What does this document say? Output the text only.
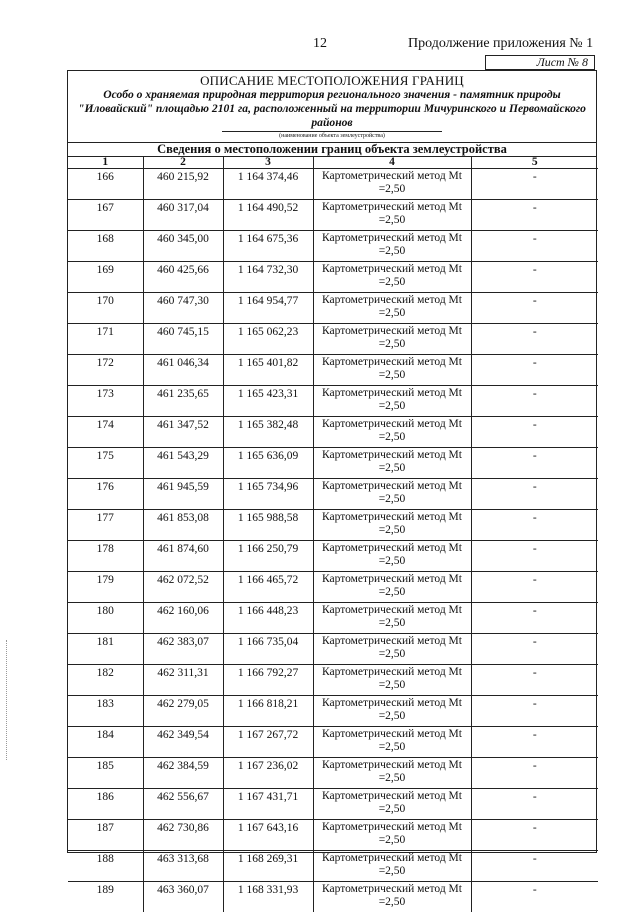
12	Продолжение приложения № 1
Лист № 8
ОПИСАНИЕ МЕСТОПОЛОЖЕНИЯ ГРАНИЦ
Особо о храняемая природная территория регионального значения - памятник природы "Иловайский" площадью 2101 га, расположенный на территории Мичуринского и Первомайского районов
(наименование объекта землеустройства)
Сведения о местоположении границ объекта землеустройства
1	2	3	4	5
166	460 215,92	1 164 374,46	Картометрический метод Mt =2,50	-
167	460 317,04	1 164 490,52	Картометрический метод Mt =2,50	-
168	460 345,00	1 164 675,36	Картометрический метод Mt =2,50	-
169	460 425,66	1 164 732,30	Картометрический метод Mt =2,50	-
170	460 747,30	1 164 954,77	Картометрический метод Mt =2,50	-
171	460 745,15	1 165 062,23	Картометрический метод Mt =2,50	-
172	461 046,34	1 165 401,82	Картометрический метод Mt =2,50	-
173	461 235,65	1 165 423,31	Картометрический метод Mt =2,50	-
174	461 347,52	1 165 382,48	Картометрический метод Mt =2,50	-
175	461 543,29	1 165 636,09	Картометрический метод Mt =2,50	-
176	461 945,59	1 165 734,96	Картометрический метод Mt =2,50	-
177	461 853,08	1 165 988,58	Картометрический метод Mt =2,50	-
178	461 874,60	1 166 250,79	Картометрический метод Mt =2,50	-
179	462 072,52	1 166 465,72	Картометрический метод Mt =2,50	-
180	462 160,06	1 166 448,23	Картометрический метод Mt =2,50	-
181	462 383,07	1 166 735,04	Картометрический метод Mt =2,50	-
182	462 311,31	1 166 792,27	Картометрический метод Mt =2,50	-
183	462 279,05	1 166 818,21	Картометрический метод Mt =2,50	-
184	462 349,54	1 167 267,72	Картометрический метод Mt =2,50	-
185	462 384,59	1 167 236,02	Картометрический метод Mt =2,50	-
186	462 556,67	1 167 431,71	Картометрический метод Mt =2,50	-
187	462 730,86	1 167 643,16	Картометрический метод Mt =2,50	-
188	463 313,68	1 168 269,31	Картометрический метод Mt =2,50	-
189	463 360,07	1 168 331,93	Картометрический метод Mt =2,50	-
